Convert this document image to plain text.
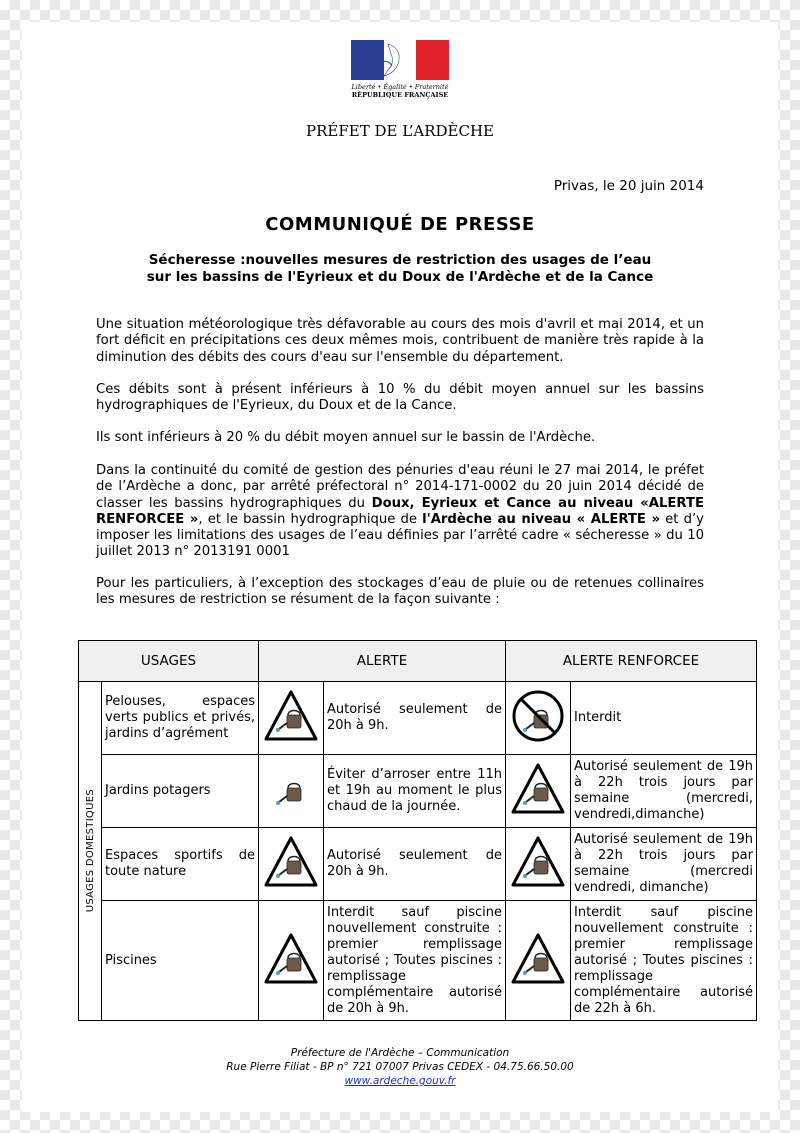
Liberté • Égalité • Fraternité
RÉPUBLIQUE FRANÇAISE
PRÉFET DE L’ARDÈCHE
Privas, le 20 juin 2014
COMMUNIQUÉ DE PRESSE
Sécheresse :nouvelles mesures de restriction des usages de l’eau
sur les bassins de l'Eyrieux et du Doux de l'Ardèche et de la Cance
Une situation météorologique très défavorable au cours des mois d'avril et mai 2014, et un fort déficit en précipitations ces deux mêmes mois, contribuent de manière très rapide à la diminution des débits des cours d'eau sur l'ensemble du département.
Ces débits sont à présent inférieurs à 10 % du débit moyen annuel sur les bassins hydrographiques de l'Eyrieux, du Doux et de la Cance.
Ils sont inférieurs à 20 % du débit moyen annuel sur le bassin de l'Ardèche.
Dans la continuité du comité de gestion des pénuries d'eau réuni le 27 mai 2014, le préfet de l’Ardèche a donc, par arrêté préfectoral n° 2014-171-0002 du 20 juin 2014 décidé de classer les bassins hydrographiques du Doux, Eyrieux et Cance au niveau «ALERTE RENFORCEE », et le bassin hydrographique de l'Ardèche au niveau « ALERTE » et d’y imposer les limitations des usages de l’eau définies par l’arrêté cadre « sécheresse » du 10 juillet 2013 n° 2013191 0001
Pour les particuliers, à l’exception des stockages d’eau de pluie ou de retenues collinaires les mesures de restriction se résument de la façon suivante :
USAGES		ALERTE		ALERTE RENFORCEE	

USAGES DOMESTIQUES	Pelouses, espaces verts publics et privés, jardins d’agrément		Autorisé seulement de 20h à 9h.		Interdit
	Jardins potagers		Éviter d’arroser entre 11h et 19h au moment le plus chaud de la journée.		Autorisé seulement de 19h à 22h trois jours par semaine (mercredi, vendredi,dimanche)
	Espaces sportifs de toute nature		Autorisé seulement de 20h à 9h.		Autorisé seulement de 19h à 22h trois jours par semaine (mercredi vendredi, dimanche)
	Piscines		Interdit sauf piscine nouvellement construite : premier remplissage autorisé ; Toutes piscines : remplissage complémentaire autorisé de 20h à 9h.		Interdit sauf piscine nouvellement construite : premier remplissage autorisé ; Toutes piscines : remplissage complémentaire autorisé de 22h à 6h.
Préfecture de l'Ardèche – Communication
Rue Pierre Filiat - BP n° 721 07007 Privas CEDEX - 04.75.66.50.00
www.ardeche.gouv.fr
